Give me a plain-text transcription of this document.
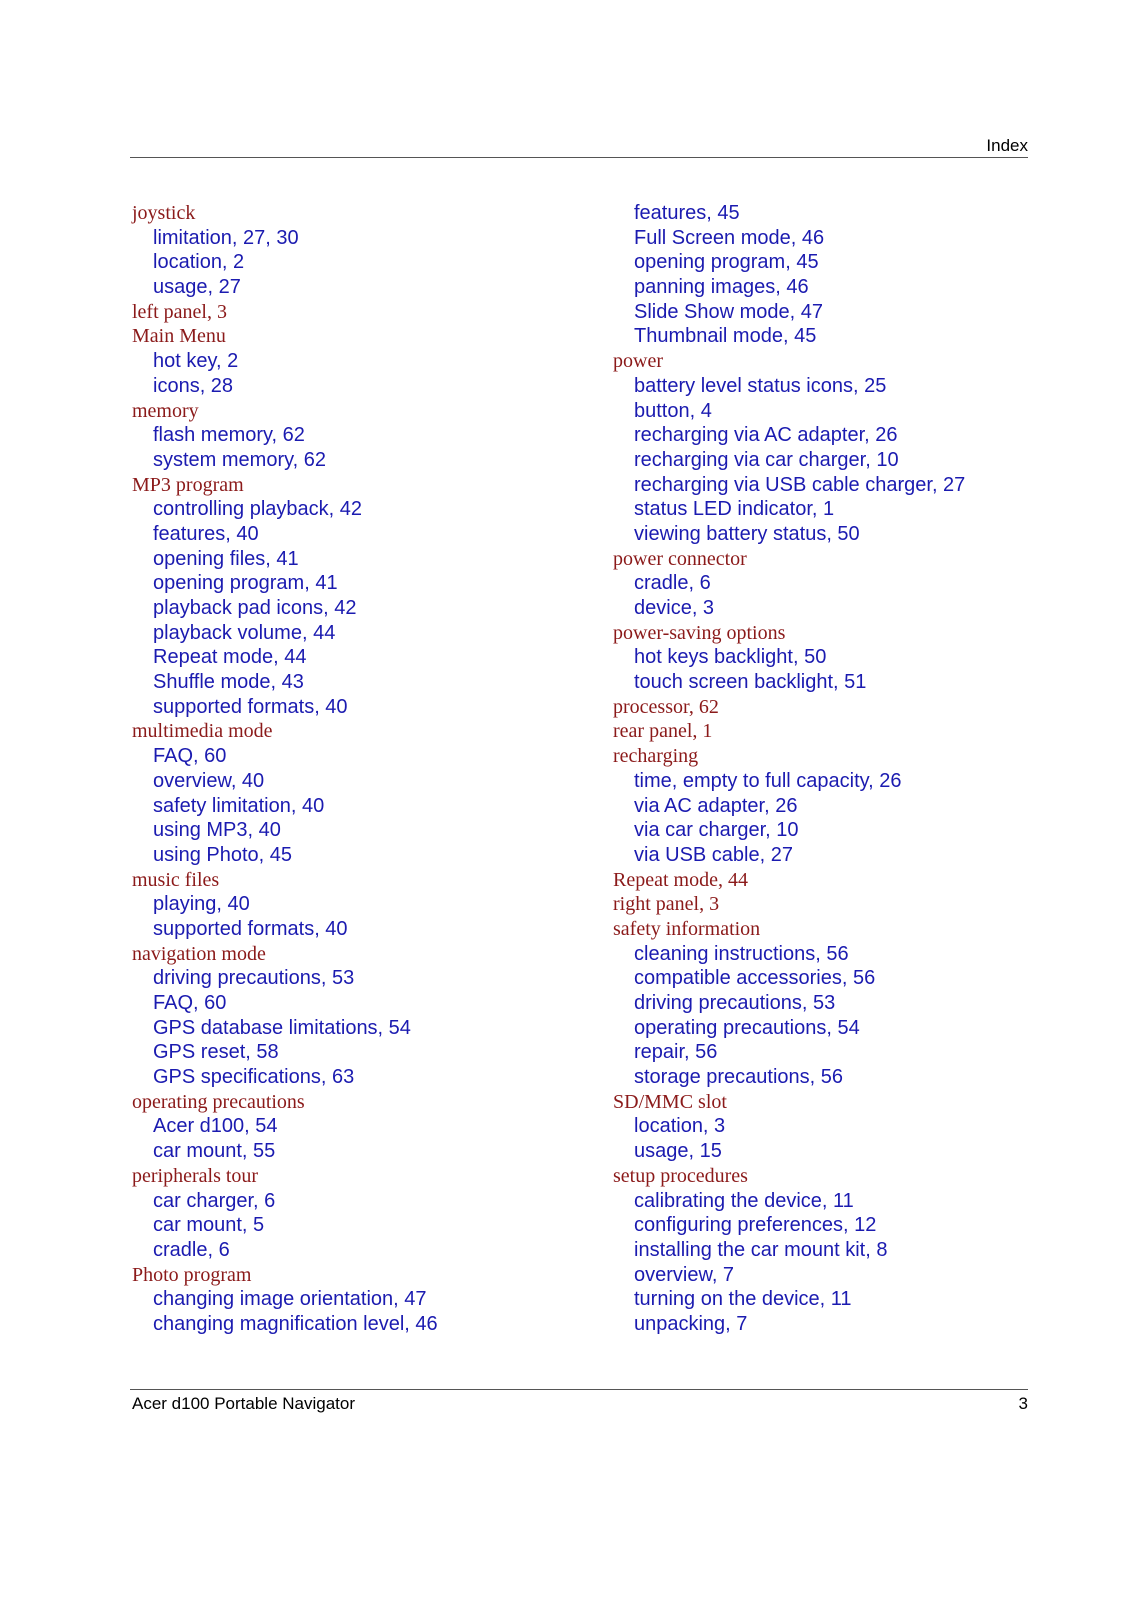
Index
joystick
limitation, 27, 30
location, 2
usage, 27
left panel, 3
Main Menu
hot key, 2
icons, 28
memory
flash memory, 62
system memory, 62
MP3 program
controlling playback, 42
features, 40
opening files, 41
opening program, 41
playback pad icons, 42
playback volume, 44
Repeat mode, 44
Shuffle mode, 43
supported formats, 40
multimedia mode
FAQ, 60
overview, 40
safety limitation, 40
using MP3, 40
using Photo, 45
music files
playing, 40
supported formats, 40
navigation mode
driving precautions, 53
FAQ, 60
GPS database limitations, 54
GPS reset, 58
GPS specifications, 63
operating precautions
Acer d100, 54
car mount, 55
peripherals tour
car charger, 6
car mount, 5
cradle, 6
Photo program
changing image orientation, 47
changing magnification level, 46
features, 45
Full Screen mode, 46
opening program, 45
panning images, 46
Slide Show mode, 47
Thumbnail mode, 45
power
battery level status icons, 25
button, 4
recharging via AC adapter, 26
recharging via car charger, 10
recharging via USB cable charger, 27
status LED indicator, 1
viewing battery status, 50
power connector
cradle, 6
device, 3
power-saving options
hot keys backlight, 50
touch screen backlight, 51
processor, 62
rear panel, 1
recharging
time, empty to full capacity, 26
via AC adapter, 26
via car charger, 10
via USB cable, 27
Repeat mode, 44
right panel, 3
safety information
cleaning instructions, 56
compatible accessories, 56
driving precautions, 53
operating precautions, 54
repair, 56
storage precautions, 56
SD/MMC slot
location, 3
usage, 15
setup procedures
calibrating the device, 11
configuring preferences, 12
installing the car mount kit, 8
overview, 7
turning on the device, 11
unpacking, 7
Acer d100 Portable Navigator	3
